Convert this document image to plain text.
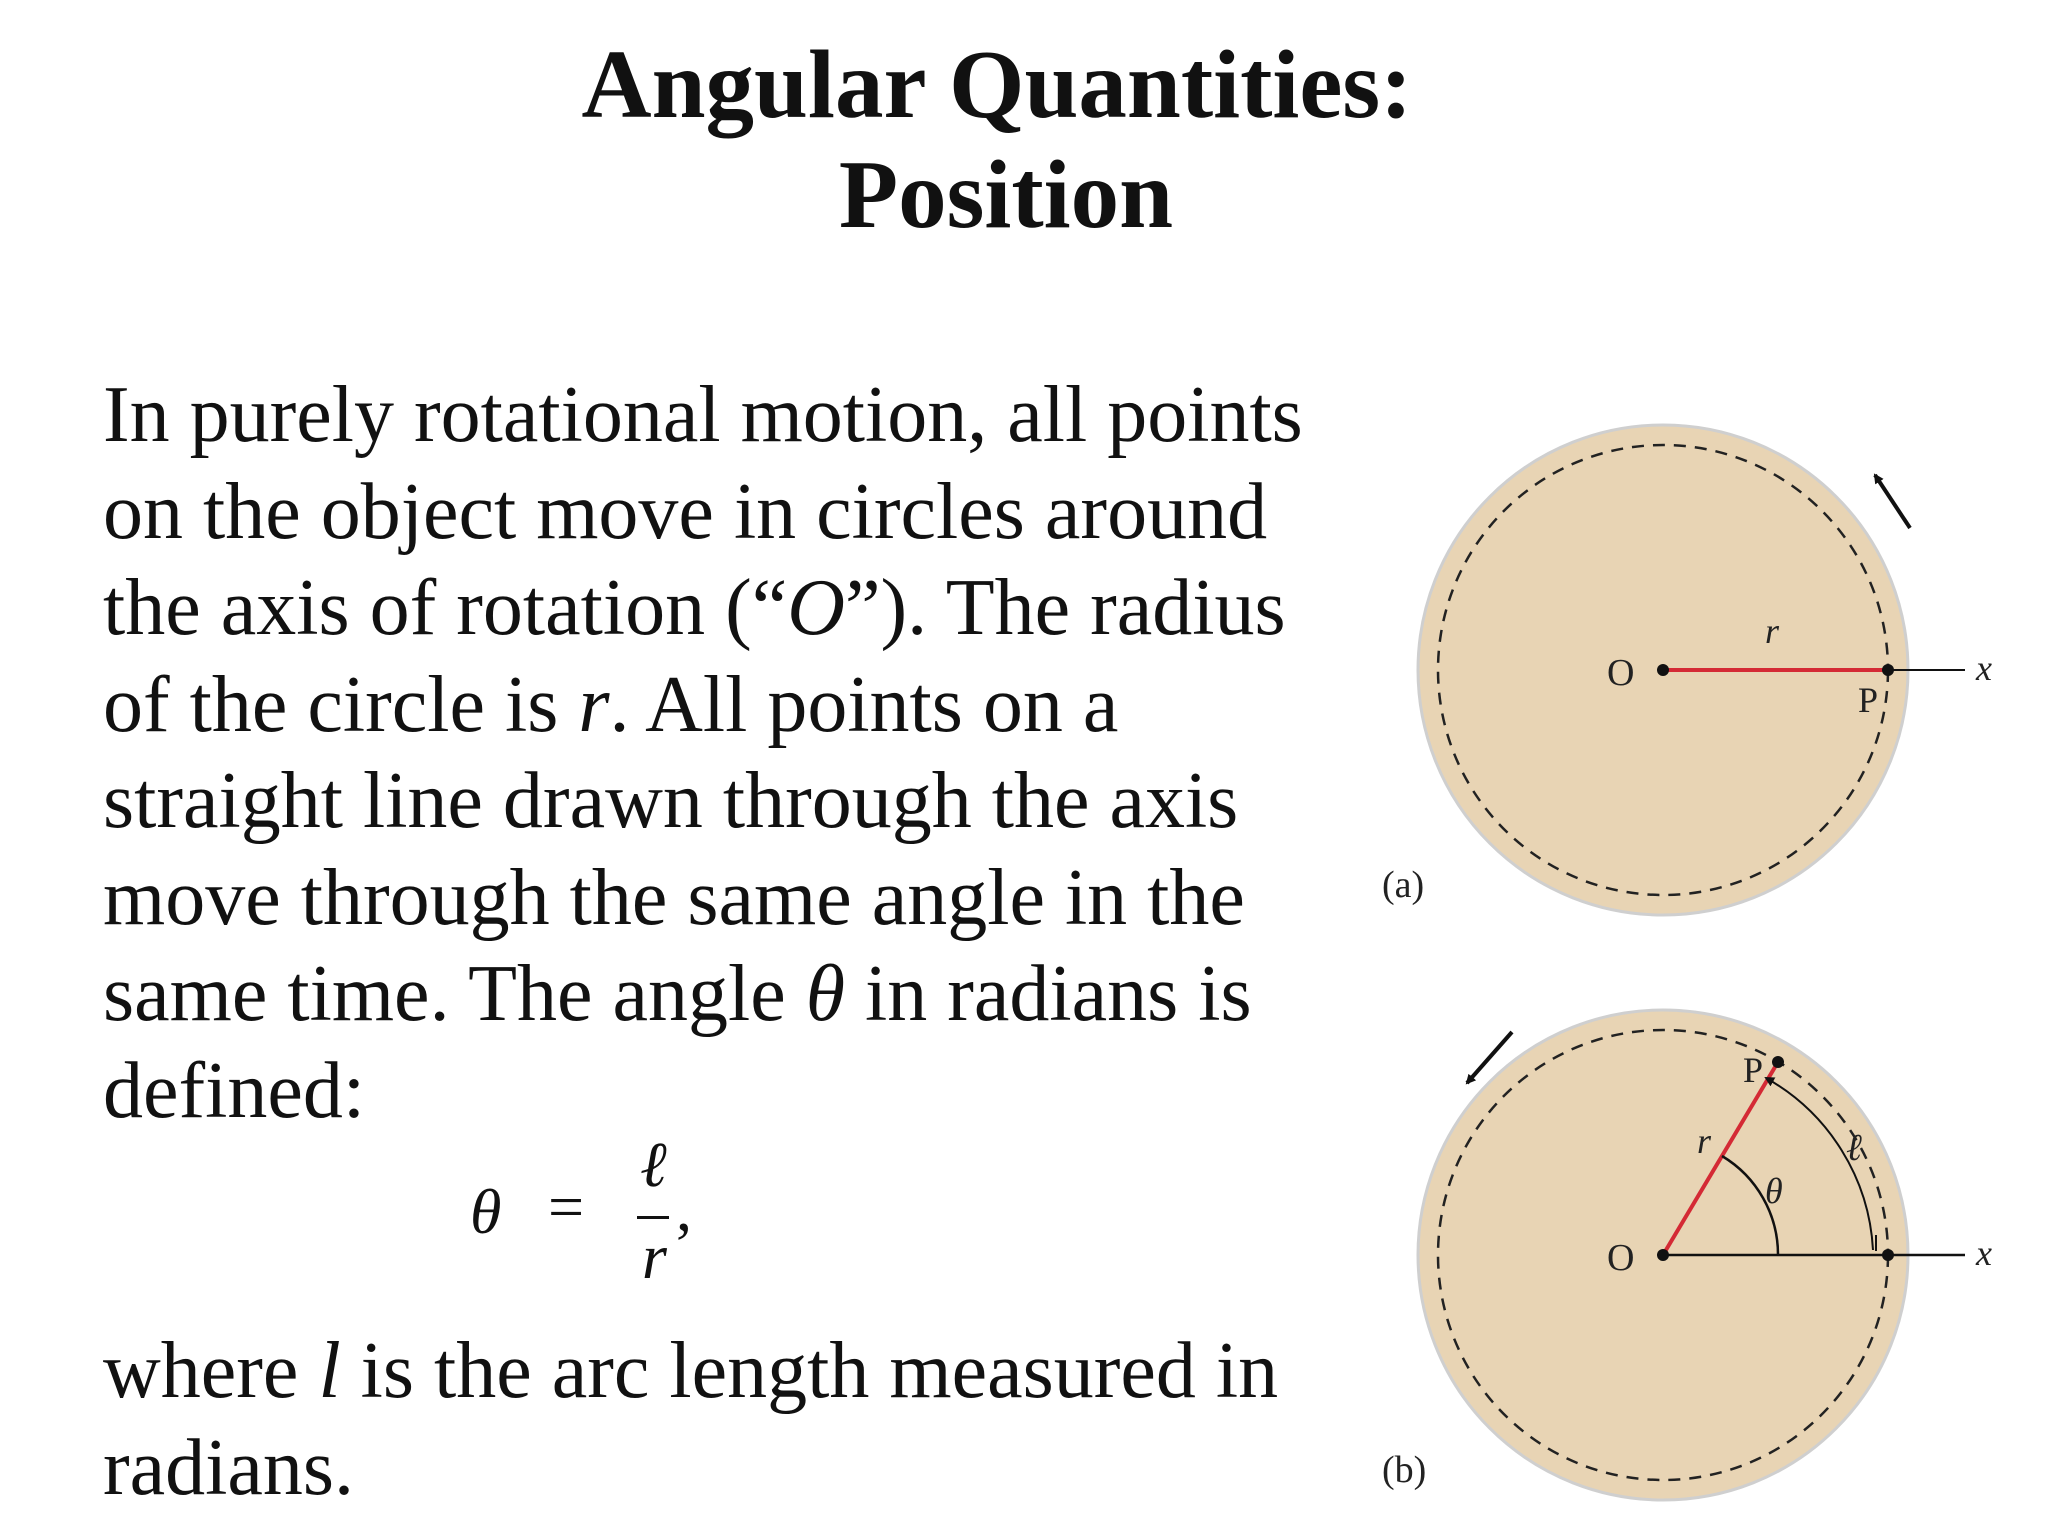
Angular Quantities:
Position
In purely rotational motion, all points
on the object move in circles around
the axis of rotation (“O”). The radius
of the circle is r. All points on a
straight line drawn through the axis
move through the same angle in the
same time. The angle θ in radians is
defined:
θ =
ℓ
r
,
where l is the arc length measured in
radians.
O
r
P
x
(a)
O
r
P
θ
ℓ
x
(b)
